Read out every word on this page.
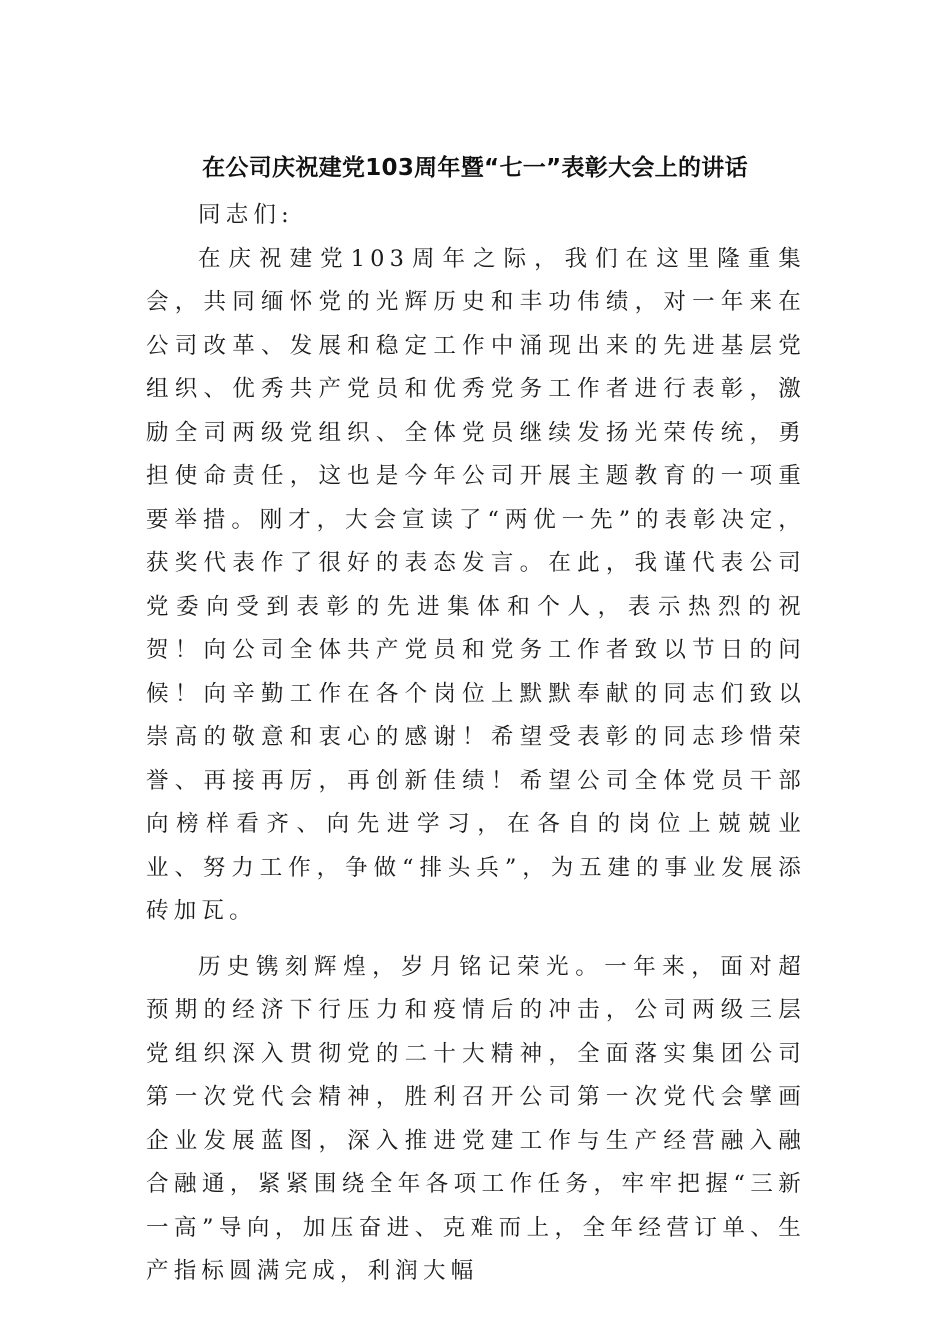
在公司庆祝建党103周年暨“七一”表彰大会上的讲话

同志们:

在庆祝建党103周年之际，我们在这里隆重集会，共同缅怀党的光辉历史和丰功伟绩，对一年来在公司改革、发展和稳定工作中涌现出来的先进基层党组织、优秀共产党员和优秀党务工作者进行表彰，激励全司两级党组织、全体党员继续发扬光荣传统，勇担使命责任，这也是今年公司开展主题教育的一项重要举措。刚才，大会宣读了“两优一先”的表彰决定，获奖代表作了很好的表态发言。在此，我谨代表公司党委向受到表彰的先进集体和个人，表示热烈的祝贺！向公司全体共产党员和党务工作者致以节日的问候！向辛勤工作在各个岗位上默默奉献的同志们致以崇高的敬意和衷心的感谢！希望受表彰的同志珍惜荣誉、再接再厉，再创新佳绩！希望公司全体党员干部向榜样看齐、向先进学习，在各自的岗位上兢兢业业、努力工作，争做“排头兵”，为五建的事业发展添砖加瓦。

历史镌刻辉煌，岁月铭记荣光。一年来，面对超预期的经济下行压力和疫情后的冲击，公司两级三层党组织深入贯彻党的二十大精神，全面落实集团公司第一次党代会精神，胜利召开公司第一次党代会擘画企业发展蓝图，深入推进党建工作与生产经营融入融合融通，紧紧围绕全年各项工作任务，牢牢把握“三新一高”导向，加压奋进、克难而上，全年经营订单、生产指标圆满完成，利润大幅
